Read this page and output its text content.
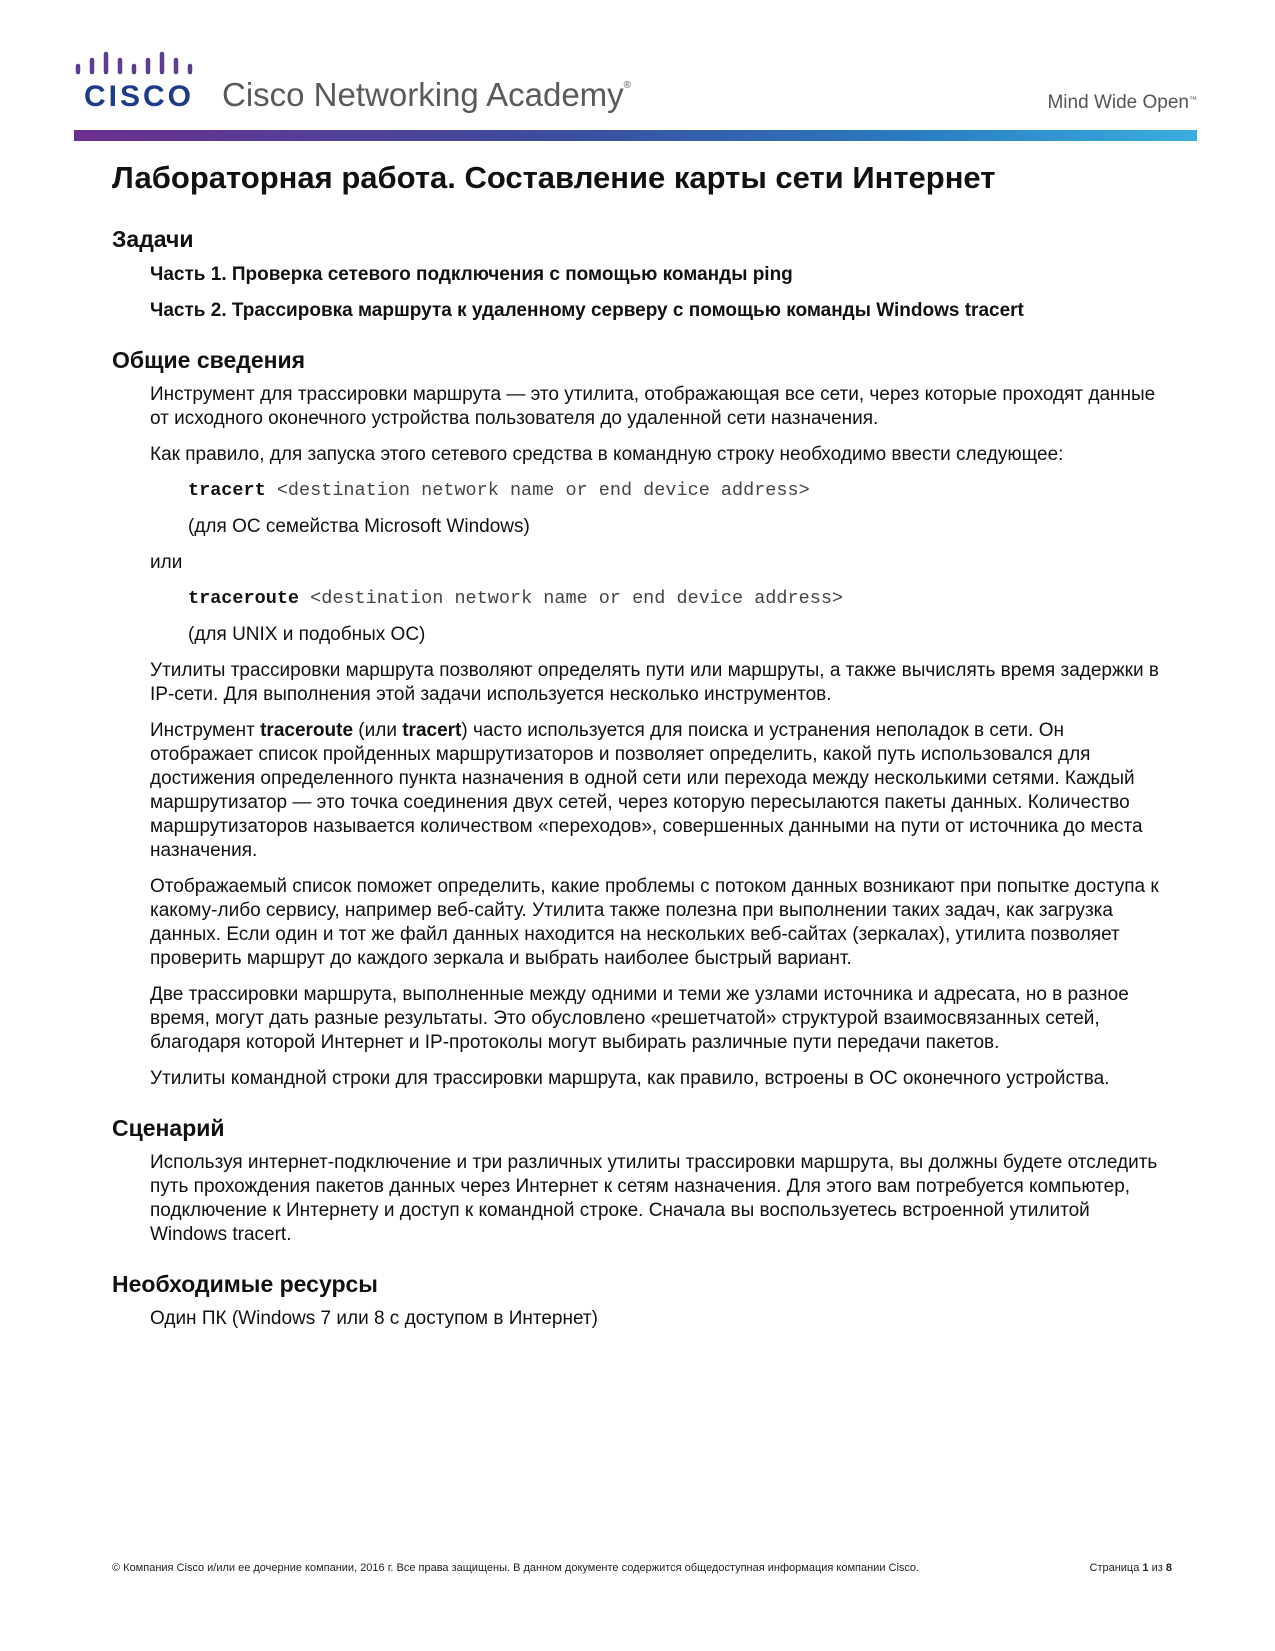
CISCO Cisco Networking Academy®
Mind Wide Open™
Лабораторная работа. Составление карты сети Интернет
Задачи
Часть 1. Проверка сетевого подключения с помощью команды ping
Часть 2. Трассировка маршрута к удаленному серверу с помощью команды Windows tracert
Общие сведения
Инструмент для трассировки маршрута — это утилита, отображающая все сети, через которые проходят данные от исходного оконечного устройства пользователя до удаленной сети назначения.
Как правило, для запуска этого сетевого средства в командную строку необходимо ввести следующее:
tracert <destination network name or end device address>
(для ОС семейства Microsoft Windows)
или
traceroute <destination network name or end device address>
(для UNIX и подобных ОС)
Утилиты трассировки маршрута позволяют определять пути или маршруты, а также вычислять время задержки в IP-сети. Для выполнения этой задачи используется несколько инструментов.
Инструмент traceroute (или tracert) часто используется для поиска и устранения неполадок в сети. Он отображает список пройденных маршрутизаторов и позволяет определить, какой путь использовался для достижения определенного пункта назначения в одной сети или перехода между несколькими сетями. Каждый маршрутизатор — это точка соединения двух сетей, через которую пересылаются пакеты данных. Количество маршрутизаторов называется количеством «переходов», совершенных данными на пути от источника до места назначения.
Отображаемый список поможет определить, какие проблемы с потоком данных возникают при попытке доступа к какому-либо сервису, например веб-сайту. Утилита также полезна при выполнении таких задач, как загрузка данных. Если один и тот же файл данных находится на нескольких веб-сайтах (зеркалах), утилита позволяет проверить маршрут до каждого зеркала и выбрать наиболее быстрый вариант.
Две трассировки маршрута, выполненные между одними и теми же узлами источника и адресата, но в разное время, могут дать разные результаты. Это обусловлено «решетчатой» структурой взаимосвязанных сетей, благодаря которой Интернет и IP-протоколы могут выбирать различные пути передачи пакетов.
Утилиты командной строки для трассировки маршрута, как правило, встроены в ОС оконечного устройства.
Сценарий
Используя интернет-подключение и три различных утилиты трассировки маршрута, вы должны будете отследить путь прохождения пакетов данных через Интернет к сетям назначения. Для этого вам потребуется компьютер, подключение к Интернету и доступ к командной строке. Сначала вы воспользуетесь встроенной утилитой Windows tracert.
Необходимые ресурсы
Один ПК (Windows 7 или 8 с доступом в Интернет)
© Компания Cisco и/или ее дочерние компании, 2016 г. Все права защищены. В данном документе содержится общедоступная информация компании Cisco.	Страница 1 из 8
